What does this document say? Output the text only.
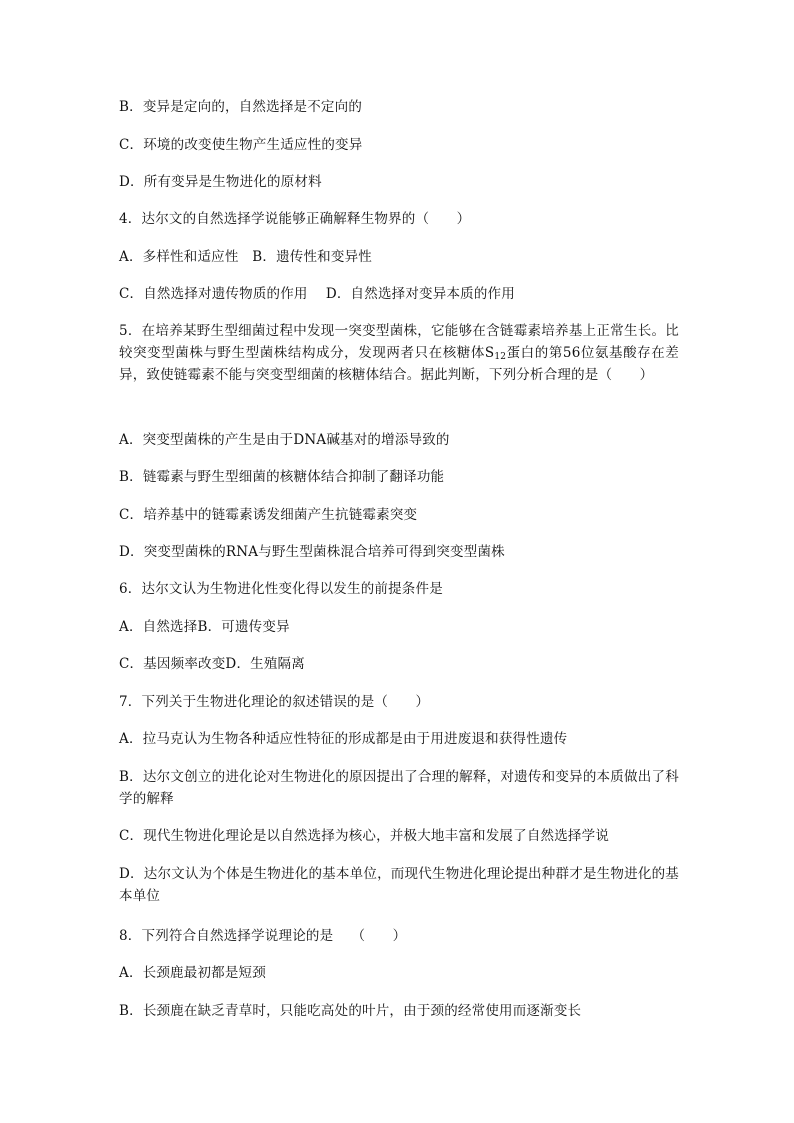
B．变异是定向的，自然选择是不定向的
C．环境的改变使生物产生适应性的变异
D．所有变异是生物进化的原材料
4．达尔文的自然选择学说能够正确解释生物界的（　　）
A．多样性和适应性　B．遗传性和变异性
C．自然选择对遗传物质的作用　 D．自然选择对变异本质的作用
5．在培养某野生型细菌过程中发现一突变型菌株，它能够在含链霉素培养基上正常生长。比较突变型菌株与野生型菌株结构成分，发现两者只在核糖体$S_{12}$蛋白的第56位氨基酸存在差异，致使链霉素不能与突变型细菌的核糖体结合。据此判断，下列分析合理的是（　　）
A．突变型菌株的产生是由于DNA碱基对的增添导致的
B．链霉素与野生型细菌的核糖体结合抑制了翻译功能
C．培养基中的链霉素诱发细菌产生抗链霉素突变
D．突变型菌株的RNA与野生型菌株混合培养可得到突变型菌株
6．达尔文认为生物进化性变化得以发生的前提条件是
A．自然选择B．可遗传变异
C．基因频率改变D．生殖隔离
7．下列关于生物进化理论的叙述错误的是（　　）
A．拉马克认为生物各种适应性特征的形成都是由于用进废退和获得性遗传
B．达尔文创立的进化论对生物进化的原因提出了合理的解释，对遗传和变异的本质做出了科学的解释
C．现代生物进化理论是以自然选择为核心，并极大地丰富和发展了自然选择学说
D．达尔文认为个体是生物进化的基本单位，而现代生物进化理论提出种群才是生物进化的基本单位
8．下列符合自然选择学说理论的是　 （　　）
A．长颈鹿最初都是短颈
B．长颈鹿在缺乏青草时，只能吃高处的叶片，由于颈的经常使用而逐渐变长
